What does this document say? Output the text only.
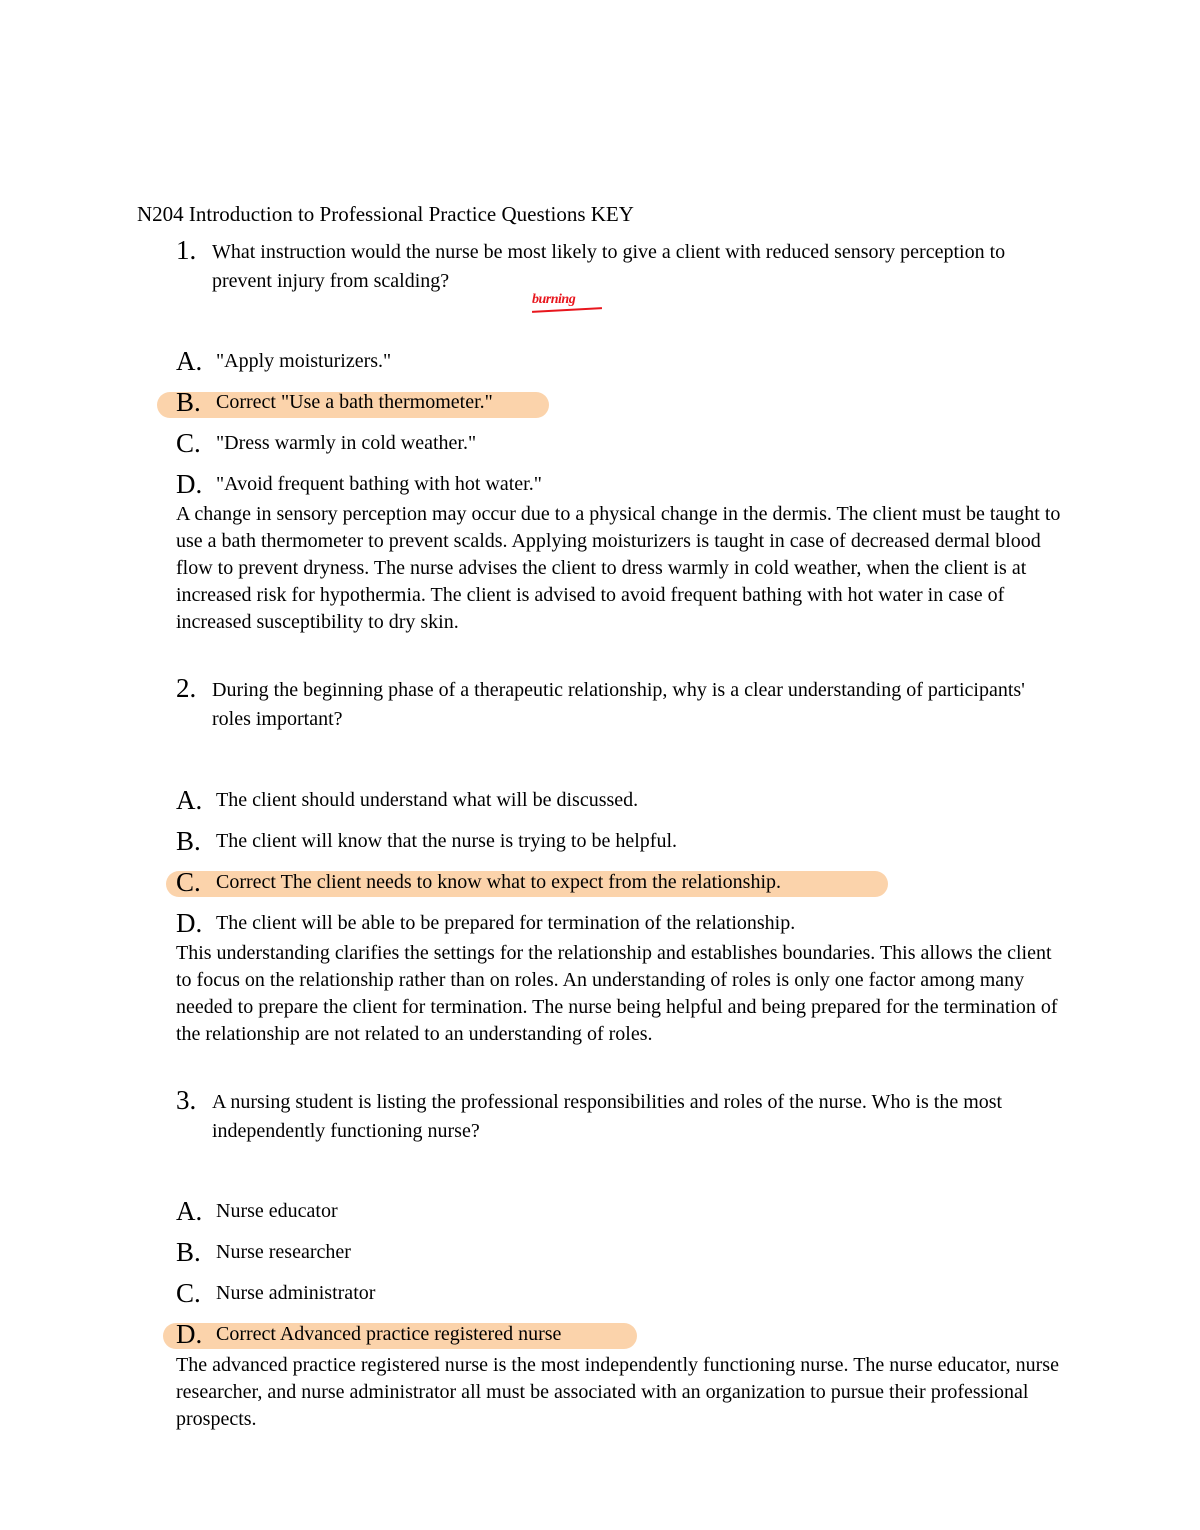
N204 Introduction to Professional Practice Questions KEY
1. What instruction would the nurse be most likely to give a client with reduced sensory perception to prevent injury from scalding?
burning
A. "Apply moisturizers."
B. Correct "Use a bath thermometer."
C. "Dress warmly in cold weather."
D. "Avoid frequent bathing with hot water."
A change in sensory perception may occur due to a physical change in the dermis. The client must be taught to use a bath thermometer to prevent scalds. Applying moisturizers is taught in case of decreased dermal blood flow to prevent dryness. The nurse advises the client to dress warmly in cold weather, when the client is at increased risk for hypothermia. The client is advised to avoid frequent bathing with hot water in case of increased susceptibility to dry skin.
2. During the beginning phase of a therapeutic relationship, why is a clear understanding of participants' roles important?
A. The client should understand what will be discussed.
B. The client will know that the nurse is trying to be helpful.
C. Correct The client needs to know what to expect from the relationship.
D. The client will be able to be prepared for termination of the relationship.
This understanding clarifies the settings for the relationship and establishes boundaries. This allows the client to focus on the relationship rather than on roles. An understanding of roles is only one factor among many needed to prepare the client for termination. The nurse being helpful and being prepared for the termination of the relationship are not related to an understanding of roles.
3. A nursing student is listing the professional responsibilities and roles of the nurse. Who is the most independently functioning nurse?
A. Nurse educator
B. Nurse researcher
C. Nurse administrator
D. Correct Advanced practice registered nurse
The advanced practice registered nurse is the most independently functioning nurse. The nurse educator, nurse researcher, and nurse administrator all must be associated with an organization to pursue their professional prospects.
